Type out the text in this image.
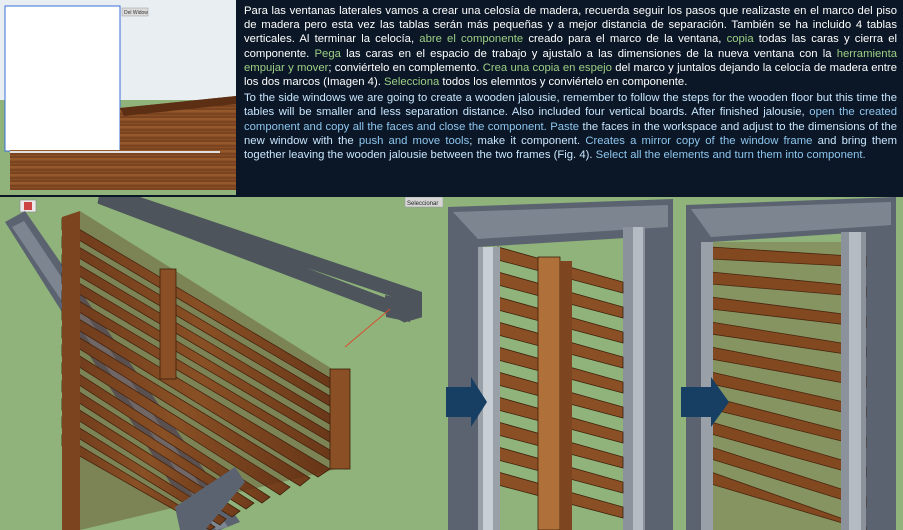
Del Widow	Para las ventanas laterales vamos a crear una celosía de madera, recuerda seguir los pasos que realizaste en el marco del piso de madera pero esta vez las tablas serán más pequeñas y a mejor distancia de separación. También se ha incluido 4 tablas verticales. Al terminar la celocía, abre el componente creado para el marco de la ventana, copia todas las caras y cierra el componente. Pega las caras en el espacio de trabajo y ajustalo a las dimensiones de la nueva ventana con la herramienta empujar y mover; conviértelo en complemento. Crea una copia en espejo del marco y juntalos dejando la celocía de madera entre los dos marcos (Imagen 4). Selecciona todos los elemntos y conviértelo en componente.

To the side windows we are going to create a wooden jalousie, remember to follow the steps for the wooden floor but this time the tables will be smaller and less separation distance. Also included four vertical boards. After finished jalousie, open the created component and copy all the faces and close the component. Paste the faces in the workspace and adjust to the dimensions of the new window with the push and move tools; make it component. Creates a mirror copy of the window frame and bring them together leaving the wooden jalousie between the two frames (Fig. 4). Select all the elements and turn them into component.

Seleccionar
